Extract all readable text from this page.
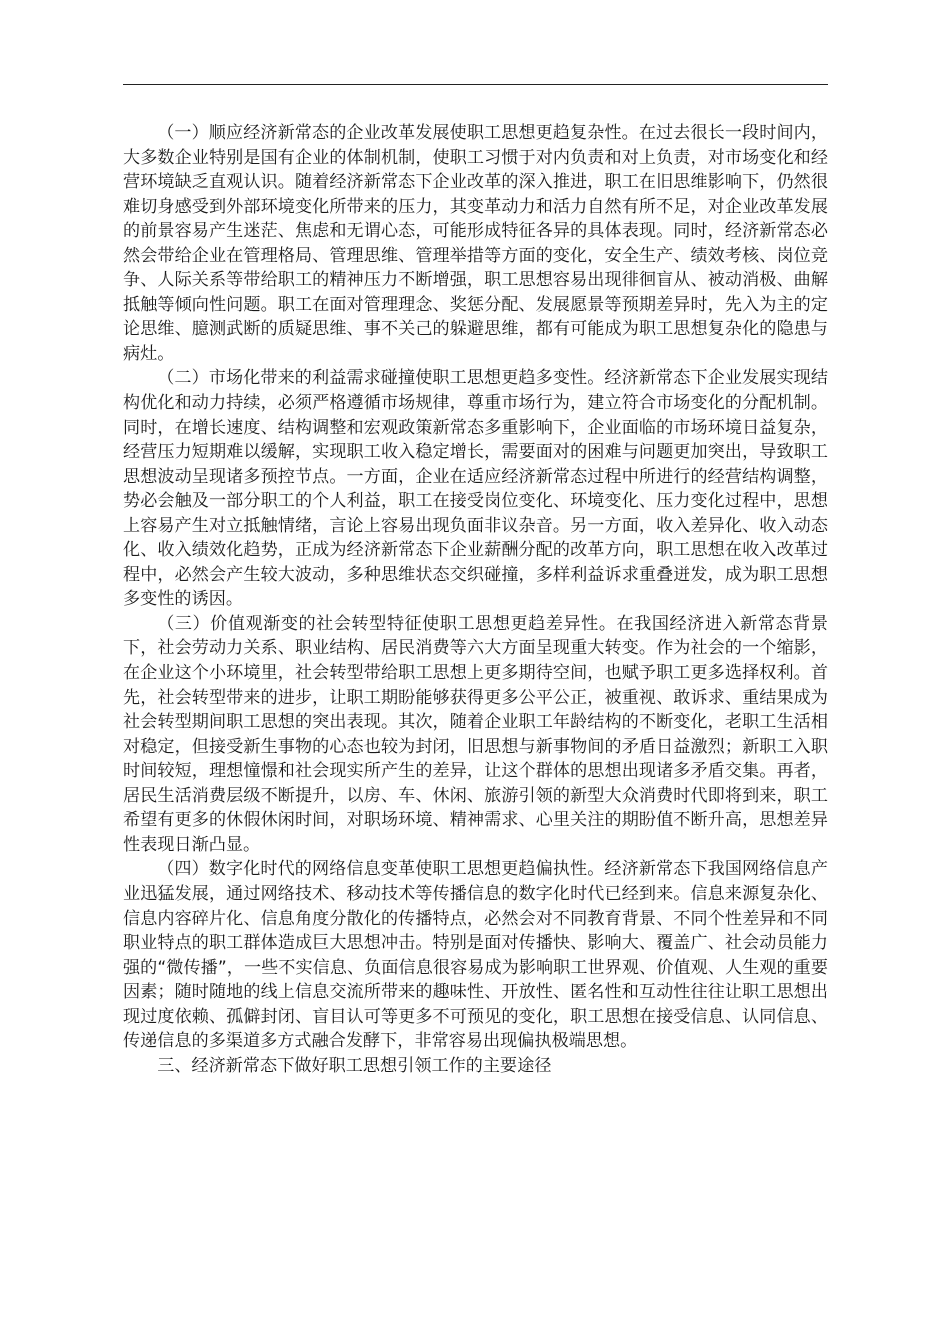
（一）顺应经济新常态的企业改革发展使职工思想更趋复杂性。在过去很长一段时间内，大多数企业特别是国有企业的体制机制，使职工习惯于对内负责和对上负责，对市场变化和经营环境缺乏直观认识。随着经济新常态下企业改革的深入推进，职工在旧思维影响下，仍然很难切身感受到外部环境变化所带来的压力，其变革动力和活力自然有所不足，对企业改革发展的前景容易产生迷茫、焦虑和无谓心态，可能形成特征各异的具体表现。同时，经济新常态必然会带给企业在管理格局、管理思维、管理举措等方面的变化，安全生产、绩效考核、岗位竞争、人际关系等带给职工的精神压力不断增强，职工思想容易出现徘徊盲从、被动消极、曲解抵触等倾向性问题。职工在面对管理理念、奖惩分配、发展愿景等预期差异时，先入为主的定论思维、臆测武断的质疑思维、事不关己的躲避思维，都有可能成为职工思想复杂化的隐患与病灶。

（二）市场化带来的利益需求碰撞使职工思想更趋多变性。经济新常态下企业发展实现结构优化和动力持续，必须严格遵循市场规律，尊重市场行为，建立符合市场变化的分配机制。同时，在增长速度、结构调整和宏观政策新常态多重影响下，企业面临的市场环境日益复杂，经营压力短期难以缓解，实现职工收入稳定增长，需要面对的困难与问题更加突出，导致职工思想波动呈现诸多预控节点。一方面，企业在适应经济新常态过程中所进行的经营结构调整，势必会触及一部分职工的个人利益，职工在接受岗位变化、环境变化、压力变化过程中，思想上容易产生对立抵触情绪，言论上容易出现负面非议杂音。另一方面，收入差异化、收入动态化、收入绩效化趋势，正成为经济新常态下企业薪酬分配的改革方向，职工思想在收入改革过程中，必然会产生较大波动，多种思维状态交织碰撞，多样利益诉求重叠迸发，成为职工思想多变性的诱因。

（三）价值观渐变的社会转型特征使职工思想更趋差异性。在我国经济进入新常态背景下，社会劳动力关系、职业结构、居民消费等六大方面呈现重大转变。作为社会的一个缩影，在企业这个小环境里，社会转型带给职工思想上更多期待空间，也赋予职工更多选择权利。首先，社会转型带来的进步，让职工期盼能够获得更多公平公正，被重视、敢诉求、重结果成为社会转型期间职工思想的突出表现。其次，随着企业职工年龄结构的不断变化，老职工生活相对稳定，但接受新生事物的心态也较为封闭，旧思想与新事物间的矛盾日益激烈；新职工入职时间较短，理想憧憬和社会现实所产生的差异，让这个群体的思想出现诸多矛盾交集。再者，居民生活消费层级不断提升，以房、车、休闲、旅游引领的新型大众消费时代即将到来，职工希望有更多的休假休闲时间，对职场环境、精神需求、心里关注的期盼值不断升高，思想差异性表现日渐凸显。

（四）数字化时代的网络信息变革使职工思想更趋偏执性。经济新常态下我国网络信息产业迅猛发展，通过网络技术、移动技术等传播信息的数字化时代已经到来。信息来源复杂化、信息内容碎片化、信息角度分散化的传播特点，必然会对不同教育背景、不同个性差异和不同职业特点的职工群体造成巨大思想冲击。特别是面对传播快、影响大、覆盖广、社会动员能力强的“微传播”，一些不实信息、负面信息很容易成为影响职工世界观、价值观、人生观的重要因素；随时随地的线上信息交流所带来的趣味性、开放性、匿名性和互动性往往让职工思想出现过度依赖、孤僻封闭、盲目认可等更多不可预见的变化，职工思想在接受信息、认同信息、传递信息的多渠道多方式融合发酵下，非常容易出现偏执极端思想。

三、经济新常态下做好职工思想引领工作的主要途径
